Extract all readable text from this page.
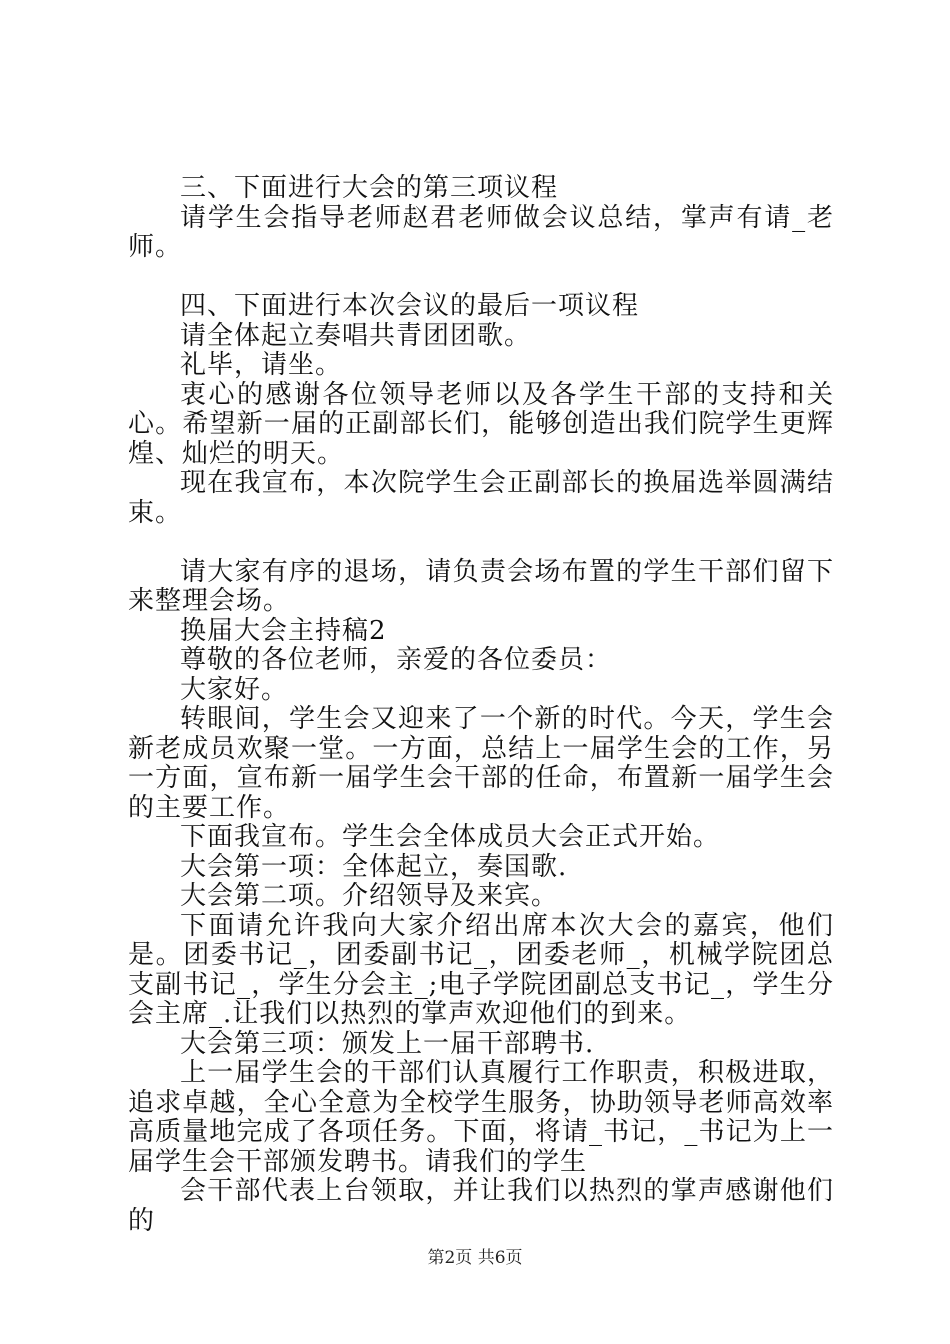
三、下面进行大会的第三项议程

请学生会指导老师赵君老师做会议总结，掌声有请_老师。

四、下面进行本次会议的最后一项议程

请全体起立奏唱共青团团歌。

礼毕，请坐。

衷心的感谢各位领导老师以及各学生干部的支持和关心。希望新一届的正副部长们，能够创造出我们院学生更辉煌、灿烂的明天。

现在我宣布，本次院学生会正副部长的换届选举圆满结束。

请大家有序的退场，请负责会场布置的学生干部们留下来整理会场。

换届大会主持稿2

尊敬的各位老师，亲爱的各位委员：

大家好。

转眼间，学生会又迎来了一个新的时代。今天，学生会新老成员欢聚一堂。一方面，总结上一届学生会的工作，另一方面，宣布新一届学生会干部的任命，布置新一届学生会的主要工作。

下面我宣布。学生会全体成员大会正式开始。

大会第一项：全体起立，奏国歌.

大会第二项。介绍领导及来宾。

下面请允许我向大家介绍出席本次大会的嘉宾，他们是。团委书记_，团委副书记_，团委老师_，机械学院团总支副书记_，学生分会主_;电子学院团副总支书记_，学生分会主席_.让我们以热烈的掌声欢迎他们的到来。

大会第三项：颁发上一届干部聘书.

上一届学生会的干部们认真履行工作职责，积极进取，追求卓越，全心全意为全校学生服务，协助领导老师高效率高质量地完成了各项任务。下面，将请_书记，_书记为上一届学生会干部颁发聘书。请我们的学生

会干部代表上台领取，并让我们以热烈的掌声感谢他们的

第2页 共6页
